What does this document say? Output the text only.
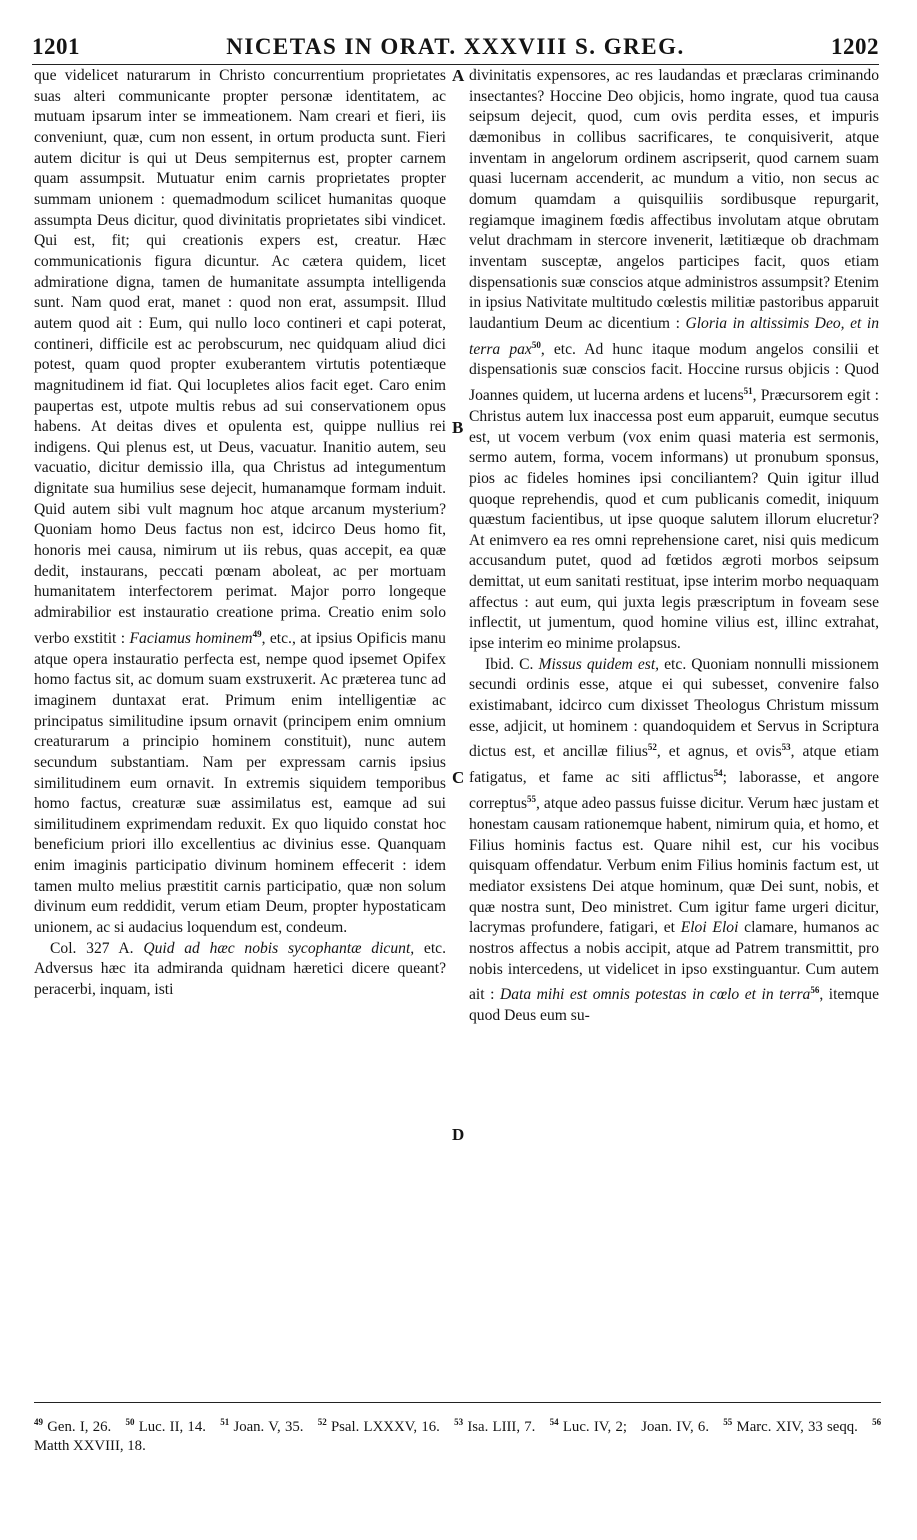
1201	NICETAS IN ORAT. XXXVIII S. GREG.	1202

que videlicet naturarum in Christo concurrentium proprietates suas alteri communicante propter personæ identitatem, ac mutuam ipsarum inter se immeationem. Nam creari et fieri, iis conveniunt, quæ, cum non essent, in ortum producta sunt. Fieri autem dicitur is qui ut Deus sempiternus est, propter carnem quam assumpsit. Mutuatur enim carnis proprietates propter summam unionem : quemadmodum scilicet humanitas quoque assumpta Deus dicitur, quod divinitatis proprietates sibi vindicet. Qui est, fit; qui creationis expers est, creatur. Hæc communicationis figura dicuntur. Ac cætera quidem, licet admiratione digna, tamen de humanitate assumpta intelligenda sunt. Nam quod erat, manet : quod non erat, assumpsit. Illud autem quod ait : Eum, qui nullo loco contineri et capi poterat, contineri, difficile est ac perobscurum, nec quidquam aliud dici potest, quam quod propter exuberantem virtutis potentiæque magnitudinem id fiat. Qui locupletes alios facit eget. Caro enim paupertas est, utpote multis rebus ad sui conservationem opus habens. At deitas dives et opulenta est, quippe nullius rei indigens. Qui plenus est, ut Deus, vacuatur. Inanitio autem, seu vacuatio, dicitur demissio illa, qua Christus ad integumentum dignitate sua humilius sese dejecit, humanamque formam induit. Quid autem sibi vult magnum hoc atque arcanum mysterium? Quoniam homo Deus factus non est, idcirco Deus homo fit, honoris mei causa, nimirum ut iis rebus, quas accepit, ea quæ dedit, instaurans, peccati pœnam aboleat, ac per mortuam humanitatem interfectorem perimat. Major porro longeque admirabilior est instauratio creatione prima. Creatio enim solo verbo exstitit : Faciamus hominem$^{49}$, etc., at ipsius Opificis manu atque opera instauratio perfecta est, nempe quod ipsemet Opifex homo factus sit, ac domum suam exstruxerit. Ac præterea tunc ad imaginem duntaxat erat. Primum enim intelligentiæ ac principatus similitudine ipsum ornavit (principem enim omnium creaturarum a principio hominem constituit), nunc autem secundum substantiam. Nam per expressam carnis ipsius similitudinem eum ornavit. In extremis siquidem temporibus homo factus, creaturæ suæ assimilatus est, eamque ad sui similitudinem exprimendam reduxit. Ex quo liquido constat hoc beneficium priori illo excellentius ac divinius esse. Quanquam enim imaginis participatio divinum hominem effecerit : idem tamen multo melius præstitit carnis participatio, quæ non solum divinum eum reddidit, verum etiam Deum, propter hypostaticam unionem, ac si audacius loquendum est, condeum.

Col. 327 A. Quid ad hæc nobis sycophantæ dicunt, etc. Adversus hæc ita admiranda quidnam hæretici dicere queant? peracerbi, inquam, isti

A
B
C
D

divinitatis expensores, ac res laudandas et præclaras criminando insectantes? Hoccine Deo objicis, homo ingrate, quod tua causa seipsum dejecit, quod, cum ovis perdita esses, et impuris dæmonibus in collibus sacrificares, te conquisiverit, atque inventam in angelorum ordinem ascripserit, quod carnem suam quasi lucernam accenderit, ac mundum a vitio, non secus ac domum quamdam a quisquiliis sordibusque repurgarit, regiamque imaginem fœdis affectibus involutam atque obrutam velut drachmam in stercore invenerit, lætitiæque ob drachmam inventam susceptæ, angelos participes facit, quos etiam dispensationis suæ conscios atque administros assumpsit? Etenim in ipsius Nativitate multitudo cœlestis militiæ pastoribus apparuit laudantium Deum ac dicentium : Gloria in altissimis Deo, et in terra pax$^{50}$, etc. Ad hunc itaque modum angelos consilii et dispensationis suæ conscios facit. Hoccine rursus objicis : Quod Joannes quidem, ut lucerna ardens et lucens$^{51}$, Præcursorem egit : Christus autem lux inaccessa post eum apparuit, eumque secutus est, ut vocem verbum (vox enim quasi materia est sermonis, sermo autem, forma, vocem informans) ut pronubum sponsus, pios ac fideles homines ipsi conciliantem? Quin igitur illud quoque reprehendis, quod et cum publicanis comedit, iniquum quæstum facientibus, ut ipse quoque salutem illorum elucretur? At enimvero ea res omni reprehensione caret, nisi quis medicum accusandum putet, quod ad fœtidos ægroti morbos seipsum demittat, ut eum sanitati restituat, ipse interim morbo nequaquam affectus : aut eum, qui juxta legis præscriptum in foveam sese inflectit, ut jumentum, quod homine vilius est, illinc extrahat, ipse interim eo minime prolapsus.

Ibid. C. Missus quidem est, etc. Quoniam nonnulli missionem secundi ordinis esse, atque ei qui subesset, convenire falso existimabant, idcirco cum dixisset Theologus Christum missum esse, adjicit, ut hominem : quandoquidem et Servus in Scriptura dictus est, et ancillæ filius$^{52}$, et agnus, et ovis$^{53}$, atque etiam fatigatus, et fame ac siti afflictus$^{54}$; laborasse, et angore correptus$^{55}$, atque adeo passus fuisse dicitur. Verum hæc justam et honestam causam rationemque habent, nimirum quia, et homo, et Filius hominis factus est. Quare nihil est, cur his vocibus quisquam offendatur. Verbum enim Filius hominis factum est, ut mediator exsistens Dei atque hominum, quæ Dei sunt, nobis, et quæ nostra sunt, Deo ministret. Cum igitur fame urgeri dicitur, lacrymas profundere, fatigari, et Eloi Eloi clamare, humanos ac nostros affectus a nobis accipit, atque ad Patrem transmittit, pro nobis intercedens, ut videlicet in ipso exstinguantur. Cum autem ait : Data mihi est omnis potestas in cœlo et in terra$^{56}$, itemque quod Deus eum su-

$^{49}$ Gen. I, 26. $^{50}$ Luc. II, 14. $^{51}$ Joan. V, 35. $^{52}$ Psal. LXXXV, 16. $^{53}$ Isa. LIII, 7. $^{54}$ Luc. IV, 2; Joan. IV, 6. $^{55}$ Marc. XIV, 33 seqq. $^{56}$ Matth XXVIII, 18.
